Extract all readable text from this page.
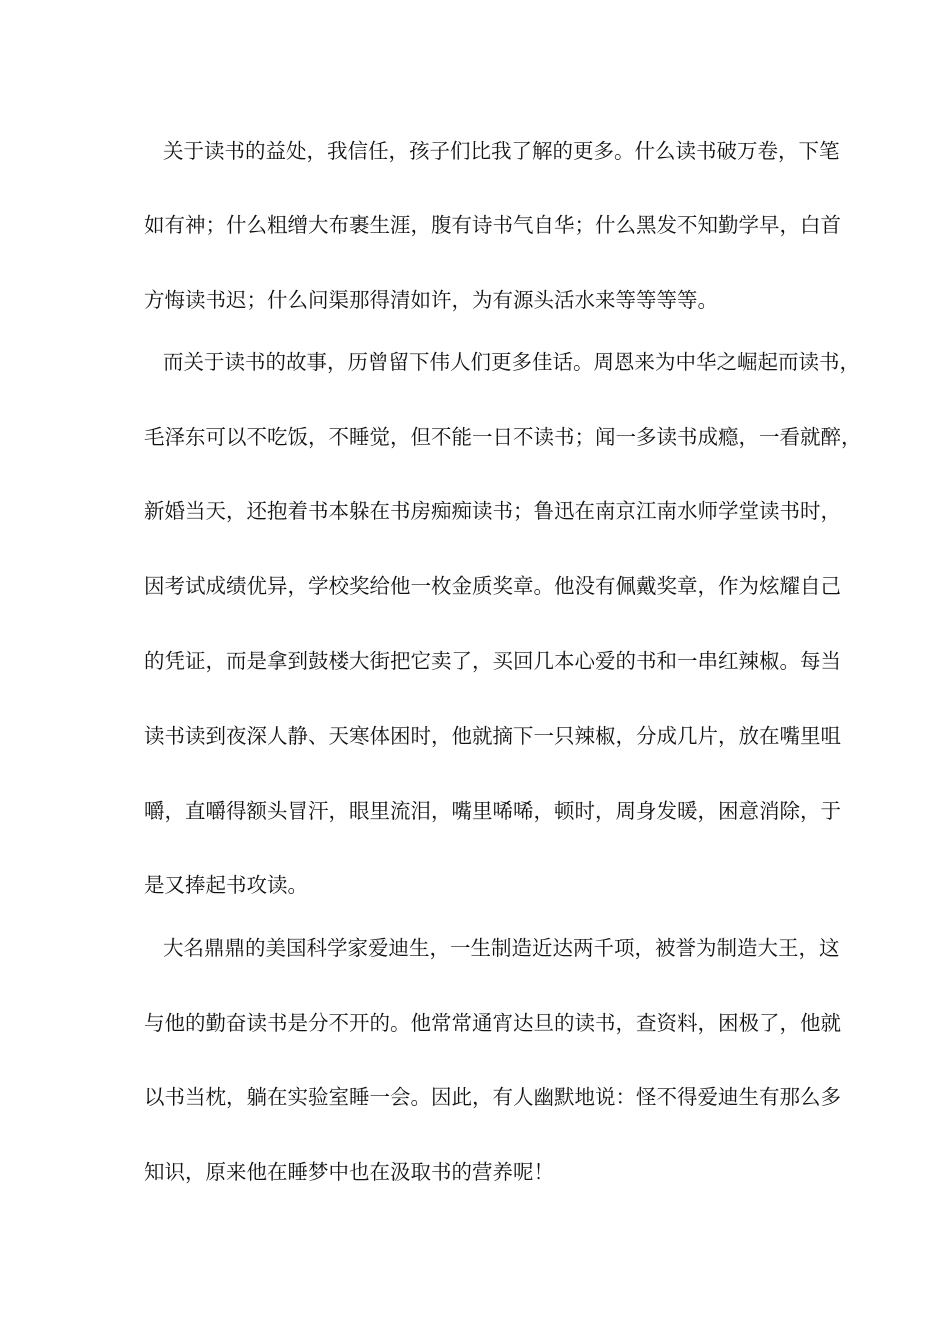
关于读书的益处，我信任，孩子们比我了解的更多。什么读书破万卷，下笔
如有神；什么粗缯大布裹生涯，腹有诗书气自华；什么黑发不知勤学早，白首
方悔读书迟；什么问渠那得清如许，为有源头活水来等等等等。
而关于读书的故事，历曾留下伟人们更多佳话。周恩来为中华之崛起而读书，
毛泽东可以不吃饭，不睡觉，但不能一日不读书；闻一多读书成瘾，一看就醉，
新婚当天，还抱着书本躲在书房痴痴读书；鲁迅在南京江南水师学堂读书时，
因考试成绩优异，学校奖给他一枚金质奖章。他没有佩戴奖章，作为炫耀自己
的凭证，而是拿到鼓楼大街把它卖了，买回几本心爱的书和一串红辣椒。每当
读书读到夜深人静、天寒体困时，他就摘下一只辣椒，分成几片，放在嘴里咀
嚼，直嚼得额头冒汗，眼里流泪，嘴里唏唏，顿时，周身发暖，困意消除，于
是又捧起书攻读。
大名鼎鼎的美国科学家爱迪生，一生制造近达两千项，被誉为制造大王，这
与他的勤奋读书是分不开的。他常常通宵达旦的读书，查资料，困极了，他就
以书当枕，躺在实验室睡一会。因此，有人幽默地说：怪不得爱迪生有那么多
知识，原来他在睡梦中也在汲取书的营养呢！
